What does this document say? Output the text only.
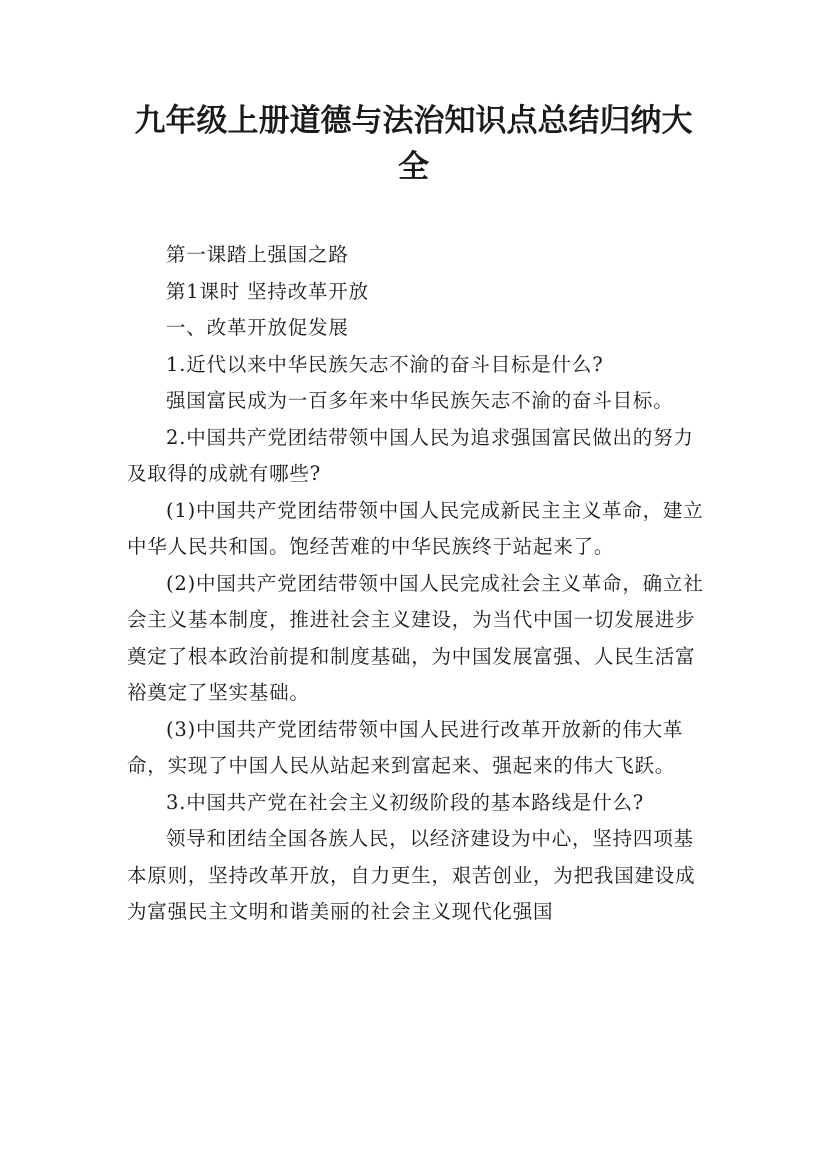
九年级上册道德与法治知识点总结归纳大
全

第一课踏上强国之路

第1课时 坚持改革开放

一、改革开放促发展

1.近代以来中华民族矢志不渝的奋斗目标是什么?

强国富民成为一百多年来中华民族矢志不渝的奋斗目标。

2.中国共产党团结带领中国人民为追求强国富民做出的努力及取得的成就有哪些?

(1)中国共产党团结带领中国人民完成新民主主义革命，建立中华人民共和国。饱经苦难的中华民族终于站起来了。

(2)中国共产党团结带领中国人民完成社会主义革命，确立社会主义基本制度，推进社会主义建设，为当代中国一切发展进步奠定了根本政治前提和制度基础，为中国发展富强、人民生活富裕奠定了坚实基础。

(3)中国共产党团结带领中国人民进行改革开放新的伟大革命，实现了中国人民从站起来到富起来、强起来的伟大飞跃。

3.中国共产党在社会主义初级阶段的基本路线是什么?

领导和团结全国各族人民，以经济建设为中心，坚持四项基本原则，坚持改革开放，自力更生，艰苦创业，为把我国建设成为富强民主文明和谐美丽的社会主义现代化强国
